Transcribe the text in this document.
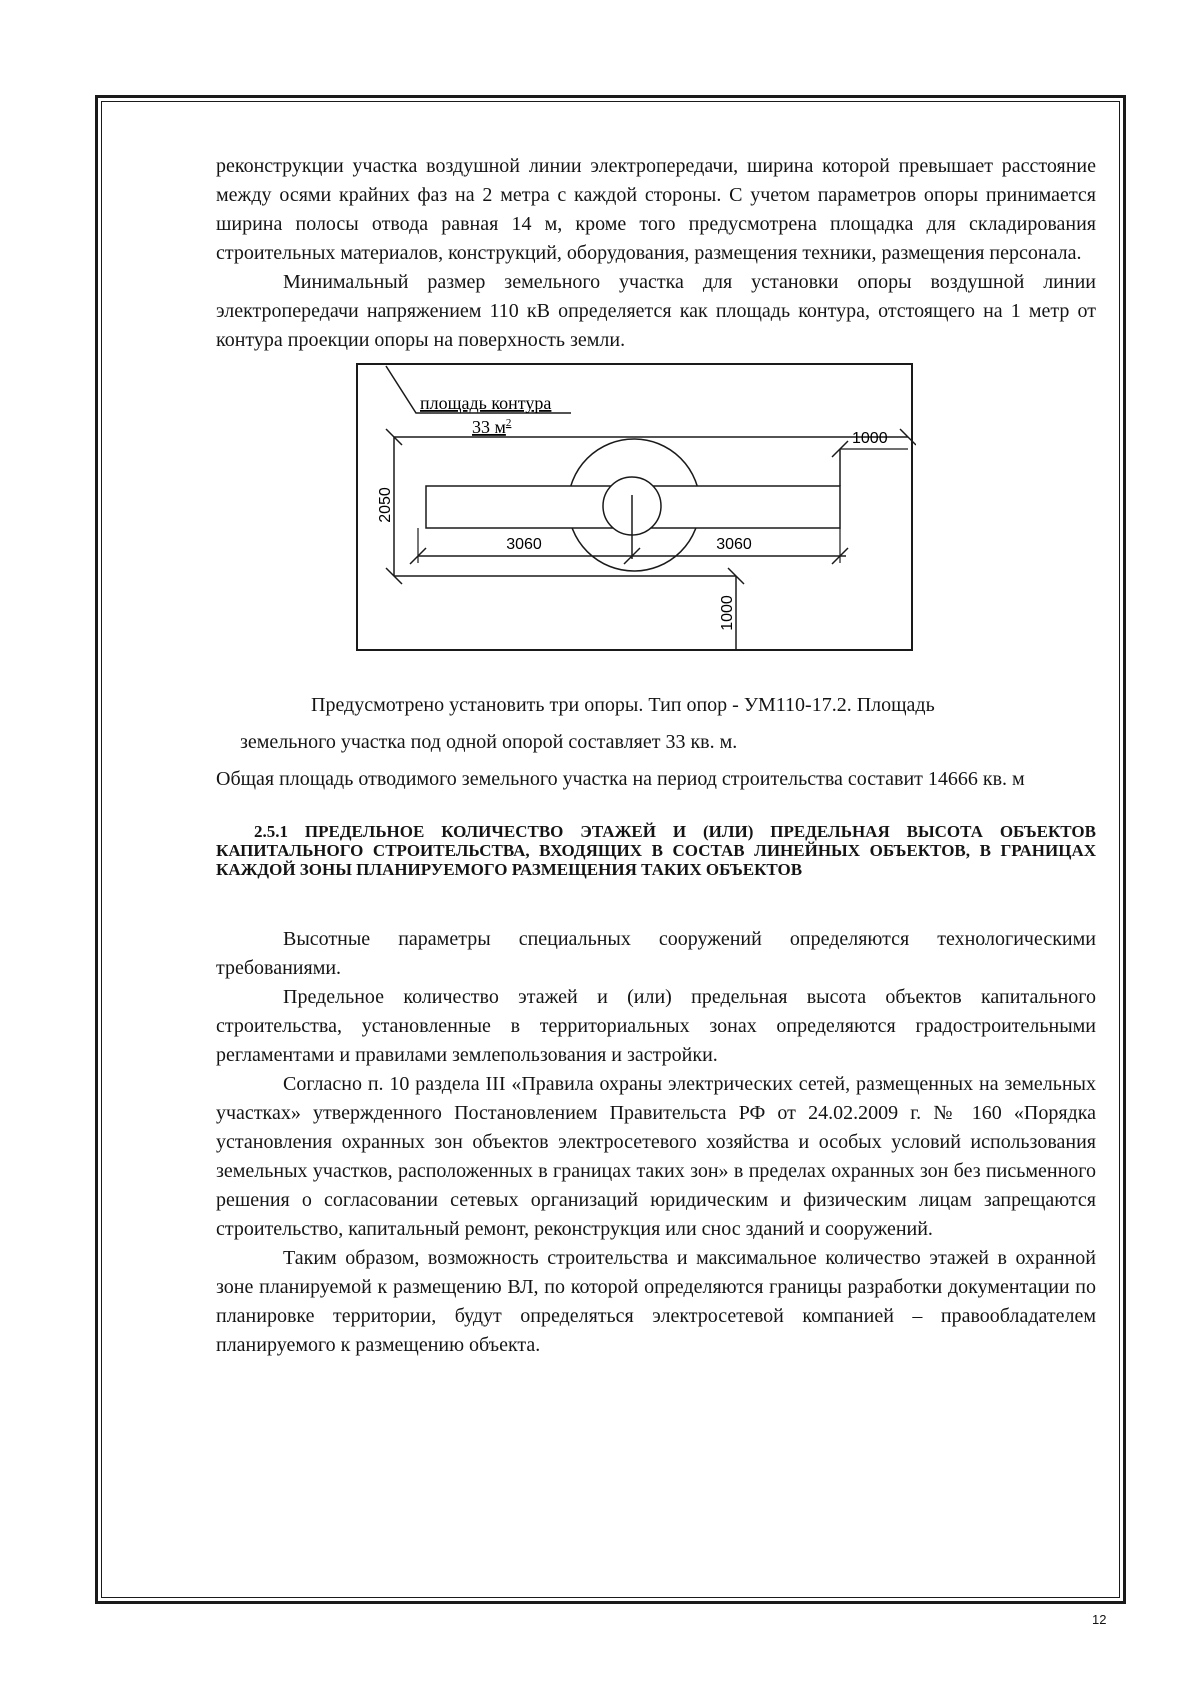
реконструкции участка воздушной линии электропередачи, ширина которой превышает расстояние между осями крайних фаз на 2 метра с каждой стороны. С учетом параметров опоры принимается ширина полосы отвода равная 14 м, кроме того предусмотрена площадка для складирования строительных материалов, конструкций, оборудования, размещения техники, размещения персонала.

Минимальный размер земельного участка для установки опоры воздушной линии электропередачи напряжением 110 кВ определяется как площадь контура, отстоящего на 1 метр от контура проекции опоры на поверхность земли.

площадь контура
33 $м^2$
2050
3060	3060
1000
1000

Предусмотрено установить три опоры. Тип опор - УМ110-17.2. Площадь

земельного участка под одной опорой составляет 33 кв. м.

Общая площадь отводимого земельного участка на период строительства составит 14666 кв. м

2.5.1 ПРЕДЕЛЬНОЕ КОЛИЧЕСТВО ЭТАЖЕЙ И (ИЛИ) ПРЕДЕЛЬНАЯ ВЫСОТА ОБЪЕКТОВ КАПИТАЛЬНОГО СТРОИТЕЛЬСТВА, ВХОДЯЩИХ В СОСТАВ ЛИНЕЙНЫХ ОБЪЕКТОВ, В ГРАНИЦАХ КАЖДОЙ ЗОНЫ ПЛАНИРУЕМОГО РАЗМЕЩЕНИЯ ТАКИХ ОБЪЕКТОВ

Высотные параметры специальных сооружений определяются технологическими требованиями.

Предельное количество этажей и (или) предельная высота объектов капитального строительства, установленные в территориальных зонах определяются градостроительными регламентами и правилами землепользования и застройки.

Согласно п. 10 раздела III «Правила охраны электрических сетей, размещенных на земельных участках» утвержденного Постановлением Правительста РФ от 24.02.2009 г. № 160 «Порядка установления охранных зон объектов электросетевого хозяйства и особых условий использования земельных участков, расположенных в границах таких зон» в пределах охранных зон без письменного решения о согласовании сетевых организаций юридическим и физическим лицам запрещаются строительство, капитальный ремонт, реконструкция или снос зданий и сооружений.

Таким образом, возможность строительства и максимальное количество этажей в охранной зоне планируемой к размещению ВЛ, по которой определяются границы разработки документации по планировке территории, будут определяться электросетевой компанией – правообладателем планируемого к размещению объекта.

12
